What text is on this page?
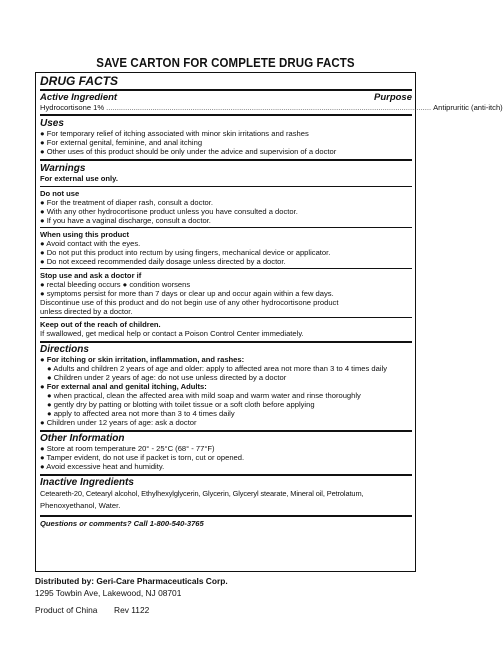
SAVE CARTON FOR COMPLETE DRUG FACTS
DRUG FACTS
Active Ingredient	Purpose
Hydrocortisone 1% .......................................................................................................................................................... Antipruritic (anti-itch)
Uses
● For temporary relief of itching associated with minor skin irritations and rashes
● For external genital, feminine, and anal itching
● Other uses of this product should be only under the advice and supervision of a doctor
Warnings
For external use only.
Do not use
● For the treatment of diaper rash, consult a doctor.
● With any other hydrocortisone product unless you have consulted a doctor.
● If you have a vaginal discharge, consult a doctor.
When using this product
● Avoid contact with the eyes.
● Do not put this product into rectum by using fingers, mechanical device or applicator.
● Do not exceed recommended daily dosage unless directed by a doctor.
Stop use and ask a doctor if
● rectal bleeding occurs ● condition worsens
● symptoms persist for more than 7 days or clear up and occur again within a few days.
Discontinue use of this product and do not begin use of any other hydrocortisone product
unless directed by a doctor.
Keep out of the reach of children.
If swallowed, get medical help or contact a Poison Control Center immediately.
Directions
● For itching or skin irritation, inflammation, and rashes:
● Adults and children 2 years of age and older: apply to affected area not more than 3 to 4 times daily
● Children under 2 years of age: do not use unless directed by a doctor
● For external anal and genital itching, Adults:
● when practical, clean the affected area with mild soap and warm water and rinse thoroughly
● gently dry by patting or blotting with toilet tissue or a soft cloth before applying
● apply to affected area not more than 3 to 4 times daily
● Children under 12 years of age: ask a doctor
Other Information
● Store at room temperature 20° - 25°C (68° - 77°F)
● Tamper evident, do not use if packet is torn, cut or opened.
● Avoid excessive heat and humidity.
Inactive Ingredients
Ceteareth-20, Cetearyl alcohol, Ethylhexylglycerin, Glycerin, Glyceryl stearate, Mineral oil, Petrolatum,
Phenoxyethanol, Water.
Questions or comments? Call 1-800-540-3765
Distributed by: Geri-Care Pharmaceuticals Corp.
1295 Towbin Ave, Lakewood, NJ 08701
Product of China Rev 1122
